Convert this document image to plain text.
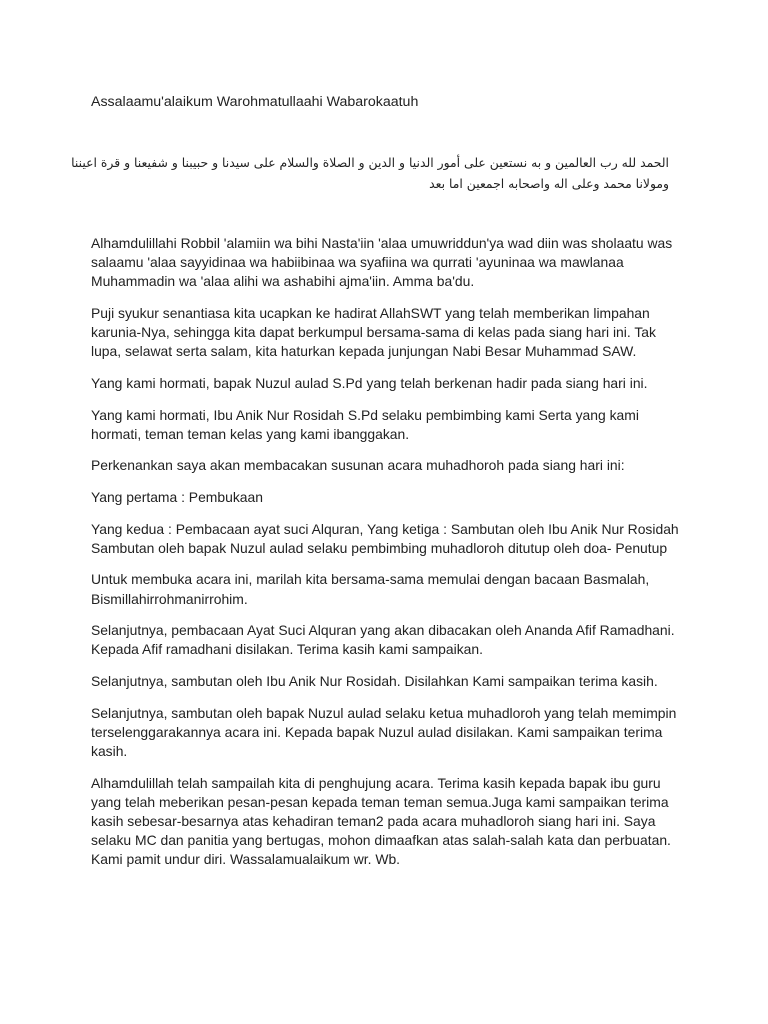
Assalaamu'alaikum Warohmatullaahi Wabarokaatuh
الحمد لله رب العالمين و به نستعين على أمور الدنيا و الدين و الصلاة والسلام على سيدنا و حبيبنا و شفيعنا و قرة اعيننا
ومولانا محمد وعلى اله واصحابه اجمعين اما بعد

Alhamdulillahi Robbil 'alamiin wa bihi Nasta'iin 'alaa umuwriddun'ya wad diin was sholaatu was
salaamu 'alaa sayyidinaa wa habiibinaa wa syafiina wa qurrati 'ayuninaa wa mawlanaa
Muhammadin wa 'alaa alihi wa ashabihi ajma'iin. Amma ba'du.

Puji syukur senantiasa kita ucapkan ke hadirat AllahSWT yang telah memberikan limpahan
karunia-Nya, sehingga kita dapat berkumpul bersama-sama di kelas pada siang hari ini. Tak
lupa, selawat serta salam, kita haturkan kepada junjungan Nabi Besar Muhammad SAW.

Yang kami hormati, bapak Nuzul aulad S.Pd yang telah berkenan hadir pada siang hari ini.

Yang kami hormati, Ibu Anik Nur Rosidah S.Pd selaku pembimbing kami Serta yang kami
hormati, teman teman kelas yang kami ibanggakan.

Perkenankan saya akan membacakan susunan acara muhadhoroh pada siang hari ini:

Yang pertama : Pembukaan

Yang kedua : Pembacaan ayat suci Alquran, Yang ketiga : Sambutan oleh Ibu Anik Nur Rosidah
Sambutan oleh bapak Nuzul aulad selaku pembimbing muhadloroh ditutup oleh doa- Penutup

Untuk membuka acara ini, marilah kita bersama-sama memulai dengan bacaan Basmalah,
Bismillahirrohmanirrohim.

Selanjutnya, pembacaan Ayat Suci Alquran yang akan dibacakan oleh Ananda Afif Ramadhani.
Kepada Afif ramadhani disilakan. Terima kasih kami sampaikan.

Selanjutnya, sambutan oleh Ibu Anik Nur Rosidah. Disilahkan Kami sampaikan terima kasih.

Selanjutnya, sambutan oleh bapak Nuzul aulad selaku ketua muhadloroh yang telah memimpin
terselenggarakannya acara ini. Kepada bapak Nuzul aulad disilakan. Kami sampaikan terima
kasih.

Alhamdulillah telah sampailah kita di penghujung acara. Terima kasih kepada bapak ibu guru
yang telah meberikan pesan-pesan kepada teman teman semua.Juga kami sampaikan terima
kasih sebesar-besarnya atas kehadiran teman2 pada acara muhadloroh siang hari ini. Saya
selaku MC dan panitia yang bertugas, mohon dimaafkan atas salah-salah kata dan perbuatan.
Kami pamit undur diri. Wassalamualaikum wr. Wb.
